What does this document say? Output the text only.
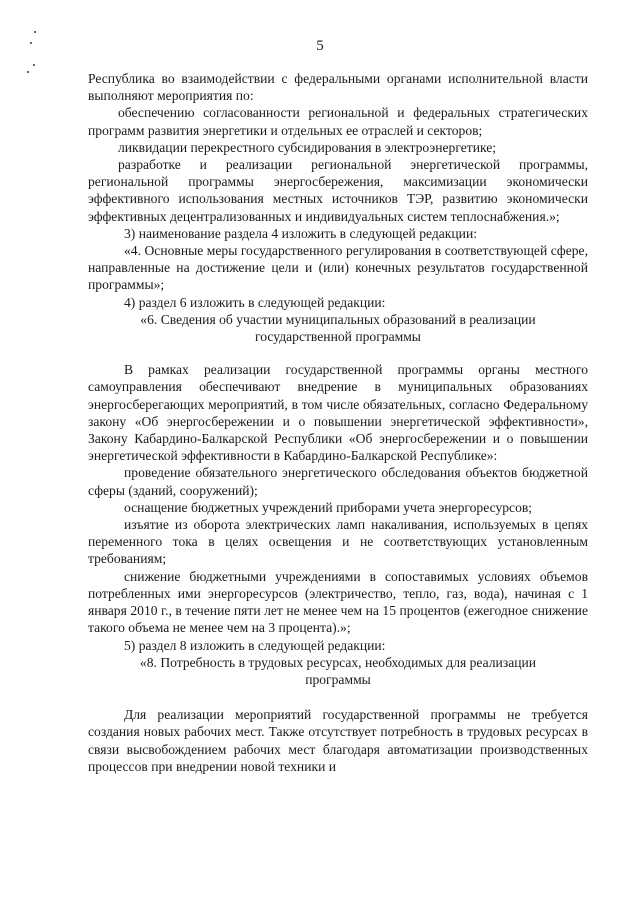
5

Республика во взаимодействии с федеральными органами исполнительной власти выполняют мероприятия по:

обеспечению согласованности региональной и федеральных стратегических программ развития энергетики и отдельных ее отраслей и секторов;

ликвидации перекрестного субсидирования в электроэнергетике;

разработке и реализации региональной энергетической программы, региональной программы энергосбережения, максимизации экономически эффективного использования местных источников ТЭР, развитию экономически эффективных децентрализованных и индивидуальных систем теплоснабжения.»;

3) наименование раздела 4 изложить в следующей редакции:

«4. Основные меры государственного регулирования в соответствующей сфере, направленные на достижение цели и (или) конечных результатов государственной программы»;

4) раздел 6 изложить в следующей редакции:

«6. Сведения об участии муниципальных образований в реализации

государственной программы

В рамках реализации государственной программы органы местного самоуправления обеспечивают внедрение в муниципальных образованиях энергосберегающих мероприятий, в том числе обязательных, согласно Федеральному закону «Об энергосбережении и о повышении энергетической эффективности», Закону Кабардино-Балкарской Республики «Об энергосбережении и о повышении энергетической эффективности в Кабардино-Балкарской Республике»:

проведение обязательного энергетического обследования объектов бюджетной сферы (зданий, сооружений);

оснащение бюджетных учреждений приборами учета энергоресурсов;

изъятие из оборота электрических ламп накаливания, используемых в цепях переменного тока в целях освещения и не соответствующих установленным требованиям;

снижение бюджетными учреждениями в сопоставимых условиях объемов потребленных ими энергоресурсов (электричество, тепло, газ, вода), начиная с 1 января 2010 г., в течение пяти лет не менее чем на 15 процентов (ежегодное снижение такого объема не менее чем на 3 процента).»;

5) раздел 8 изложить в следующей редакции:

«8. Потребность в трудовых ресурсах, необходимых для реализации

программы

Для реализации мероприятий государственной программы не требуется создания новых рабочих мест. Также отсутствует потребность в трудовых ресурсах в связи высвобождением рабочих мест благодаря автоматизации производственных процессов при внедрении новой техники и
